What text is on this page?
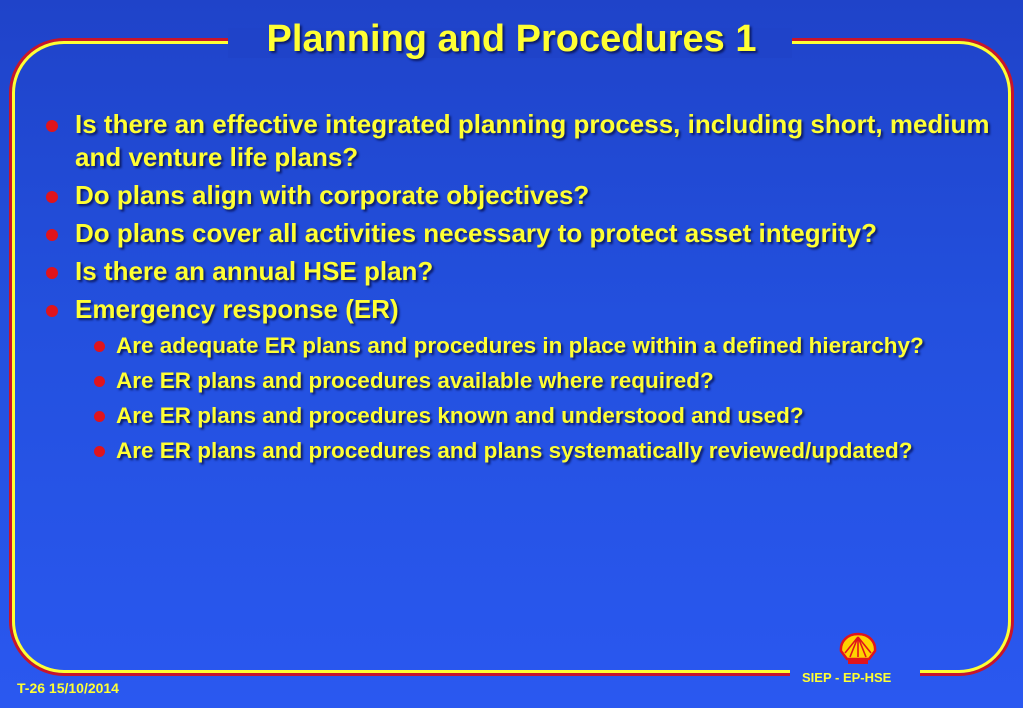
Planning and Procedures 1
Is there an effective integrated planning process, including short, medium and venture life plans?
Do plans align with corporate objectives?
Do plans cover all activities necessary to protect asset integrity?
Is there an annual HSE plan?
Emergency response (ER)
Are adequate ER plans and procedures in place within a defined hierarchy?
Are ER plans and procedures available where required?
Are ER plans and procedures known and understood and used?
Are ER plans and procedures and plans systematically reviewed/updated?
T-26 15/10/2014
SIEP - EP-HSE
